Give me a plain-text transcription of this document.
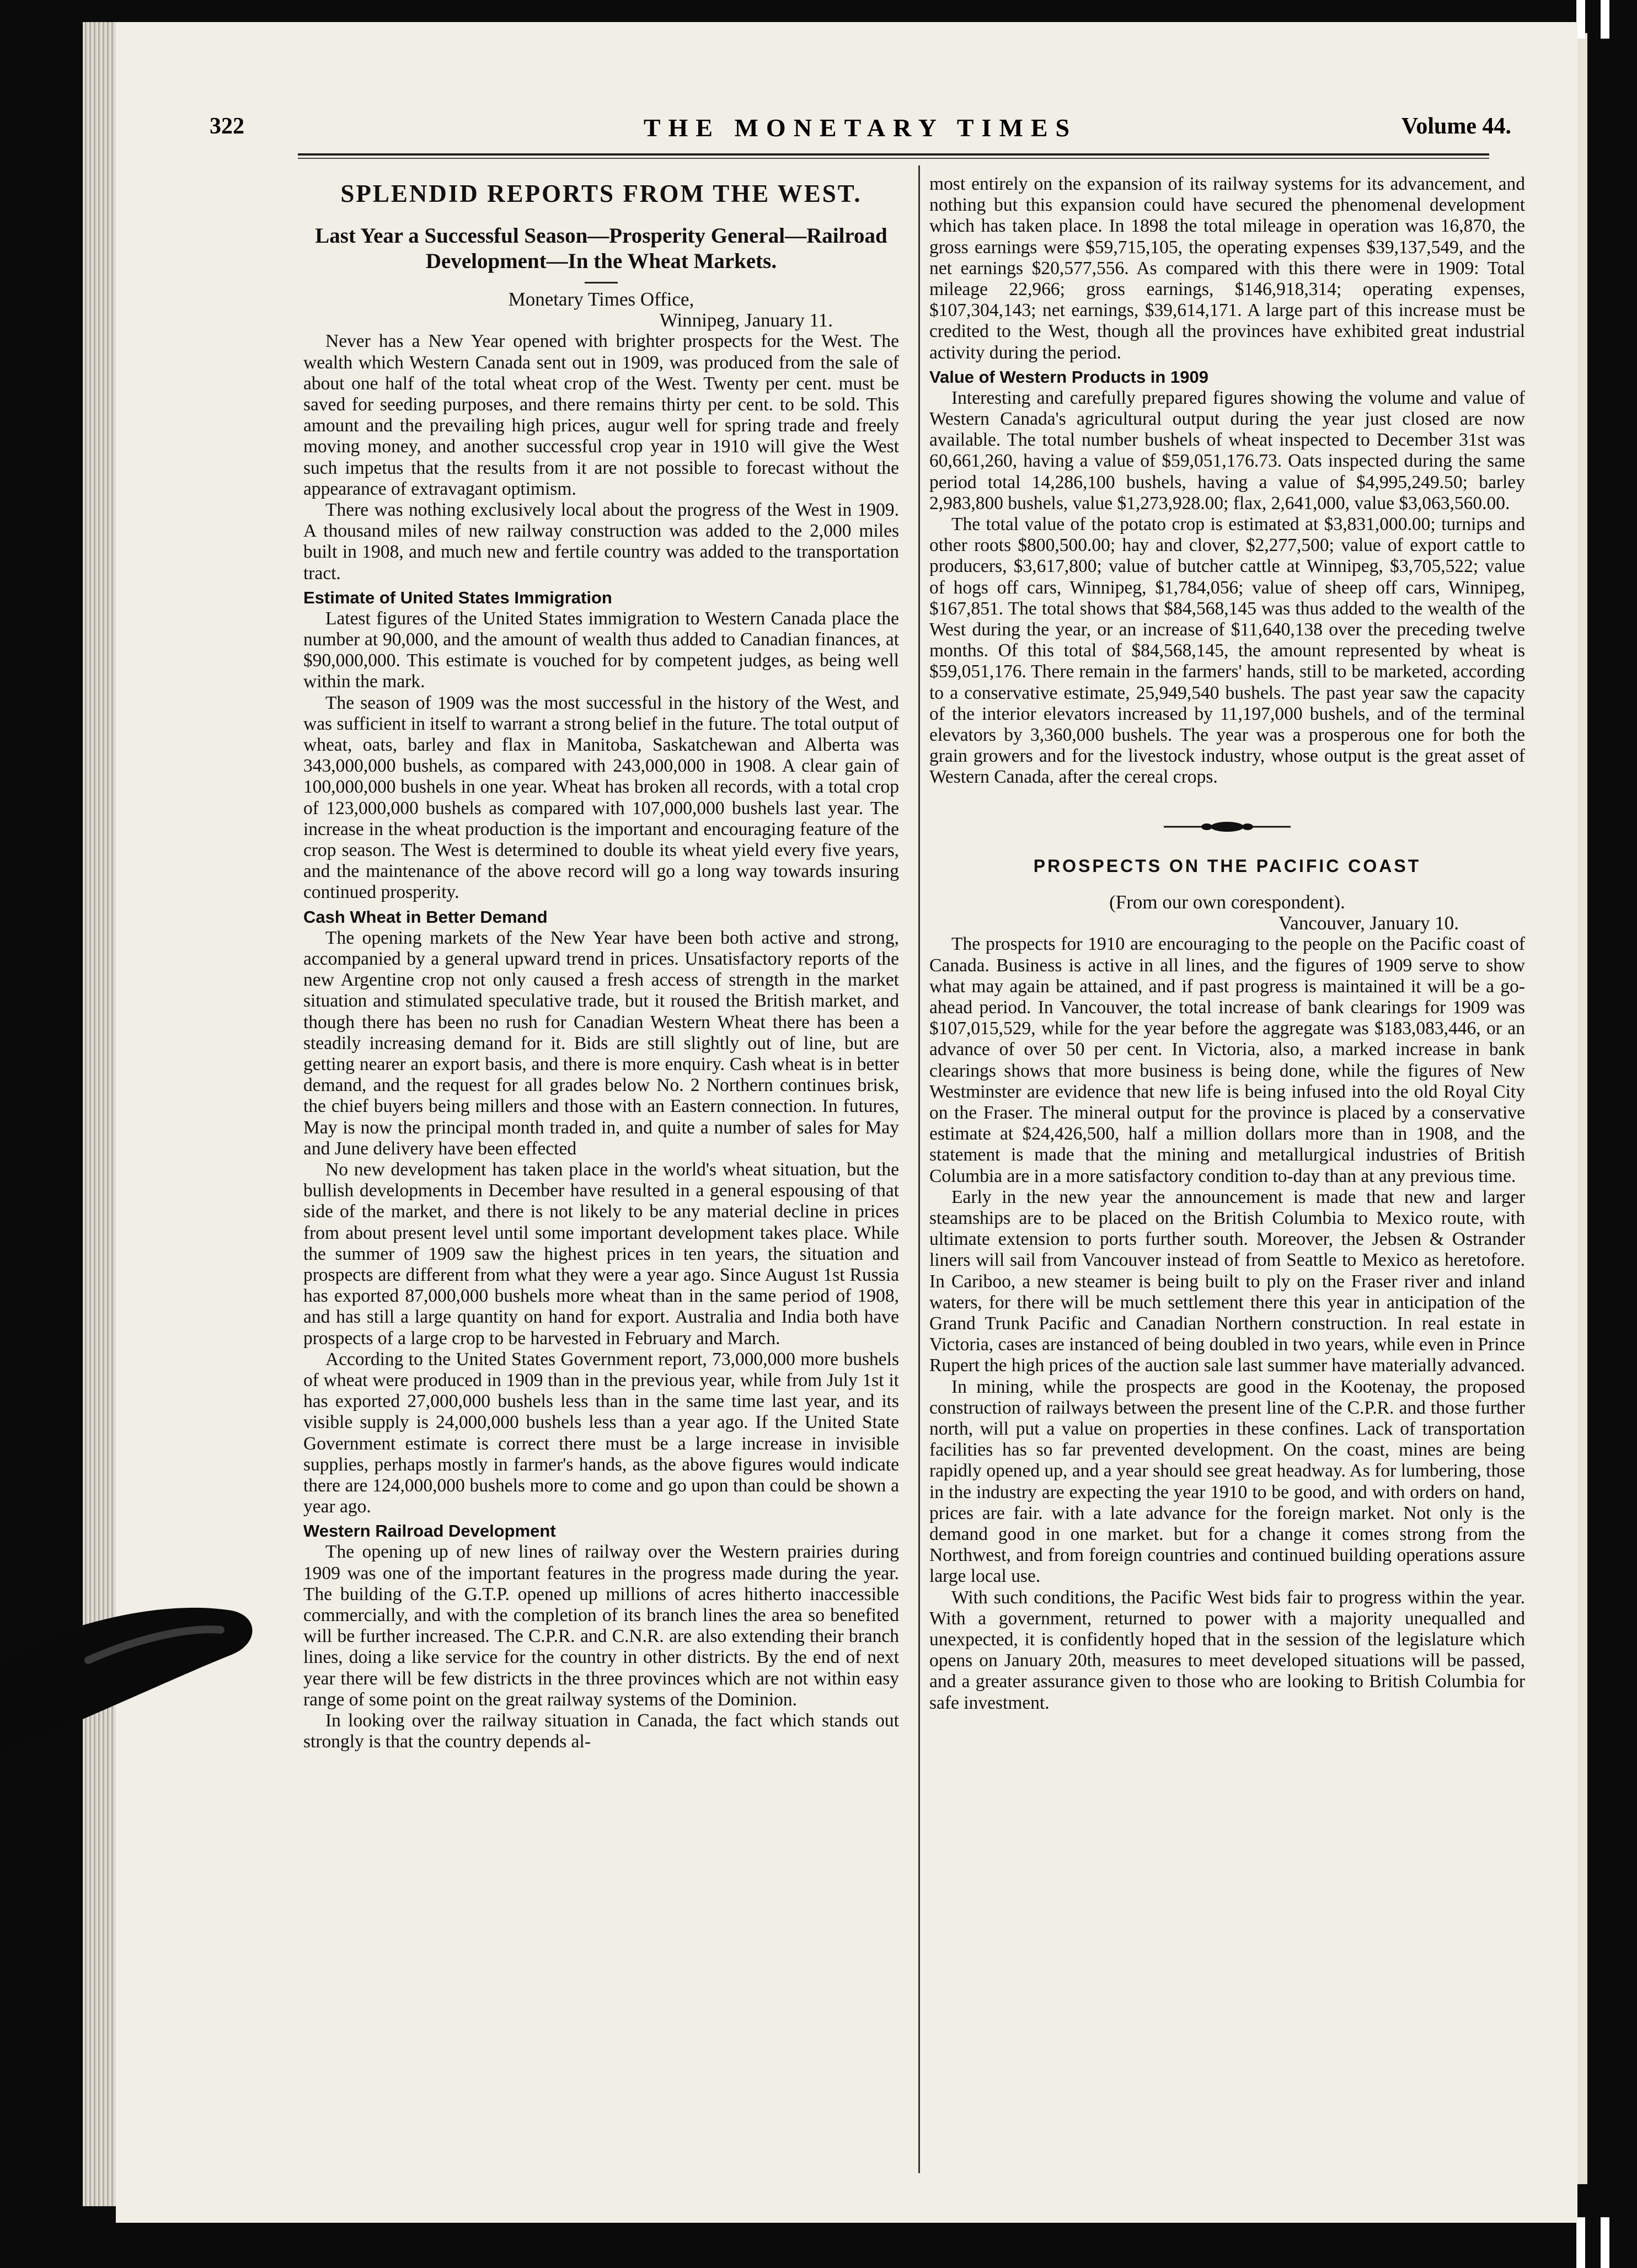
322	THE MONETARY TIMES	Volume 44.
SPLENDID REPORTS FROM THE WEST.
Last Year a Successful Season—Prosperity General—Railroad Development—In the Wheat Markets.
Monetary Times Office,
Winnipeg, January 11.

Never has a New Year opened with brighter prospects for the West. The wealth which Western Canada sent out in 1909, was produced from the sale of about one half of the total wheat crop of the West. Twenty per cent. must be saved for seeding purposes, and there remains thirty per cent. to be sold. This amount and the prevailing high prices, augur well for spring trade and freely moving money, and another successful crop year in 1910 will give the West such impetus that the results from it are not possible to forecast without the appearance of extravagant optimism.

There was nothing exclusively local about the progress of the West in 1909. A thousand miles of new railway construction was added to the 2,000 miles built in 1908, and much new and fertile country was added to the transportation tract.

Estimate of United States Immigration

Latest figures of the United States immigration to Western Canada place the number at 90,000, and the amount of wealth thus added to Canadian finances, at $90,000,000. This estimate is vouched for by competent judges, as being well within the mark.

The season of 1909 was the most successful in the history of the West, and was sufficient in itself to warrant a strong belief in the future. The total output of wheat, oats, barley and flax in Manitoba, Saskatchewan and Alberta was 343,000,000 bushels, as compared with 243,000,000 in 1908. A clear gain of 100,000,000 bushels in one year. Wheat has broken all records, with a total crop of 123,000,000 bushels as compared with 107,000,000 bushels last year. The increase in the wheat production is the important and encouraging feature of the crop season. The West is determined to double its wheat yield every five years, and the maintenance of the above record will go a long way towards insuring continued prosperity.

Cash Wheat in Better Demand

The opening markets of the New Year have been both active and strong, accompanied by a general upward trend in prices. Unsatisfactory reports of the new Argentine crop not only caused a fresh access of strength in the market situation and stimulated speculative trade, but it roused the British market, and though there has been no rush for Canadian Western Wheat there has been a steadily increasing demand for it. Bids are still slightly out of line, but are getting nearer an export basis, and there is more enquiry. Cash wheat is in better demand, and the request for all grades below No. 2 Northern continues brisk, the chief buyers being millers and those with an Eastern connection. In futures, May is now the principal month traded in, and quite a number of sales for May and June delivery have been effected

No new development has taken place in the world's wheat situation, but the bullish developments in December have resulted in a general espousing of that side of the market, and there is not likely to be any material decline in prices from about present level until some important development takes place. While the summer of 1909 saw the highest prices in ten years, the situation and prospects are different from what they were a year ago. Since August 1st Russia has exported 87,000,000 bushels more wheat than in the same period of 1908, and has still a large quantity on hand for export. Australia and India both have prospects of a large crop to be harvested in February and March.

According to the United States Government report, 73,000,000 more bushels of wheat were produced in 1909 than in the previous year, while from July 1st it has exported 27,000,000 bushels less than in the same time last year, and its visible supply is 24,000,000 bushels less than a year ago. If the United State Government estimate is correct there must be a large increase in invisible supplies, perhaps mostly in farmer's hands, as the above figures would indicate there are 124,000,000 bushels more to come and go upon than could be shown a year ago.

Western Railroad Development

The opening up of new lines of railway over the Western prairies during 1909 was one of the important features in the progress made during the year. The building of the G.T.P. opened up millions of acres hitherto inaccessible commercially, and with the completion of its branch lines the area so benefited will be further increased. The C.P.R. and C.N.R. are also extending their branch lines, doing a like service for the country in other districts. By the end of next year there will be few districts in the three provinces which are not within easy range of some point on the great railway systems of the Dominion.

In looking over the railway situation in Canada, the fact which stands out strongly is that the country depends al-

most entirely on the expansion of its railway systems for its advancement, and nothing but this expansion could have secured the phenomenal development which has taken place. In 1898 the total mileage in operation was 16,870, the gross earnings were $59,715,105, the operating expenses $39,137,549, and the net earnings $20,577,556. As compared with this there were in 1909: Total mileage 22,966; gross earnings, $146,918,314; operating expenses, $107,304,143; net earnings, $39,614,171. A large part of this increase must be credited to the West, though all the provinces have exhibited great industrial activity during the period.

Value of Western Products in 1909

Interesting and carefully prepared figures showing the volume and value of Western Canada's agricultural output during the year just closed are now available. The total number bushels of wheat inspected to December 31st was 60,661,260, having a value of $59,051,176.73. Oats inspected during the same period total 14,286,100 bushels, having a value of $4,995,249.50; barley 2,983,800 bushels, value $1,273,928.00; flax, 2,641,000, value $3,063,560.00.

The total value of the potato crop is estimated at $3,831,000.00; turnips and other roots $800,500.00; hay and clover, $2,277,500; value of export cattle to producers, $3,617,800; value of butcher cattle at Winnipeg, $3,705,522; value of hogs off cars, Winnipeg, $1,784,056; value of sheep off cars, Winnipeg, $167,851. The total shows that $84,568,145 was thus added to the wealth of the West during the year, or an increase of $11,640,138 over the preceding twelve months. Of this total of $84,568,145, the amount represented by wheat is $59,051,176. There remain in the farmers' hands, still to be marketed, according to a conservative estimate, 25,949,540 bushels. The past year saw the capacity of the interior elevators increased by 11,197,000 bushels, and of the terminal elevators by 3,360,000 bushels. The year was a prosperous one for both the grain growers and for the livestock industry, whose output is the great asset of Western Canada, after the cereal crops.

PROSPECTS ON THE PACIFIC COAST
(From our own corespondent).
Vancouver, January 10.

The prospects for 1910 are encouraging to the people on the Pacific coast of Canada. Business is active in all lines, and the figures of 1909 serve to show what may again be attained, and if past progress is maintained it will be a go-ahead period. In Vancouver, the total increase of bank clearings for 1909 was $107,015,529, while for the year before the aggregate was $183,083,446, or an advance of over 50 per cent. In Victoria, also, a marked increase in bank clearings shows that more business is being done, while the figures of New Westminster are evidence that new life is being infused into the old Royal City on the Fraser. The mineral output for the province is placed by a conservative estimate at $24,426,500, half a million dollars more than in 1908, and the statement is made that the mining and metallurgical industries of British Columbia are in a more satisfactory condition to-day than at any previous time.

Early in the new year the announcement is made that new and larger steamships are to be placed on the British Columbia to Mexico route, with ultimate extension to ports further south. Moreover, the Jebsen & Ostrander liners will sail from Vancouver instead of from Seattle to Mexico as heretofore. In Cariboo, a new steamer is being built to ply on the Fraser river and inland waters, for there will be much settlement there this year in anticipation of the Grand Trunk Pacific and Canadian Northern construction. In real estate in Victoria, cases are instanced of being doubled in two years, while even in Prince Rupert the high prices of the auction sale last summer have materially advanced.

In mining, while the prospects are good in the Kootenay, the proposed construction of railways between the present line of the C.P.R. and those further north, will put a value on properties in these confines. Lack of transportation facilities has so far prevented development. On the coast, mines are being rapidly opened up, and a year should see great headway. As for lumbering, those in the industry are expecting the year 1910 to be good, and with orders on hand, prices are fair. with a late advance for the foreign market. Not only is the demand good in one market. but for a change it comes strong from the Northwest, and from foreign countries and continued building operations assure large local use.

With such conditions, the Pacific West bids fair to progress within the year. With a government, returned to power with a majority unequalled and unexpected, it is confidently hoped that in the session of the legislature which opens on January 20th, measures to meet developed situations will be passed, and a greater assurance given to those who are looking to British Columbia for safe investment.
